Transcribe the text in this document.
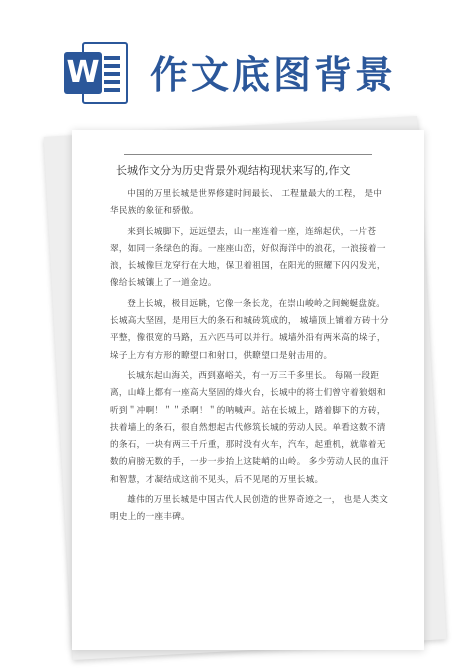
W 作文底图背景
长城作文分为历史背景外观结构现状来写的,作文

中国的万里长城是世界修建时间最长、 工程量最大的工程， 是中华民族的象征和骄傲。

来到长城脚下，远远望去，山一座连着一座，连绵起伏，一片苍翠，如同一条绿色的海。一座座山峦，好似海洋中的浪花，一浪接着一浪，长城像巨龙穿行在大地，保卫着祖国，在阳光的照耀下闪闪发光，像给长城镶上了一道金边。

登上长城，极目远眺，它像一条长龙，在崇山峻岭之间蜿蜒盘旋。长城高大坚固，是用巨大的条石和城砖筑成的， 城墙顶上铺着方砖十分平整，像很宽的马路，五六匹马可以并行。城墙外沿有两米高的垛子，垛子上方有方形的瞭望口和射口，供瞭望口是射击用的。

长城东起山海关，西到嘉峪关，有一万三千多里长。 每隔一段距离，山峰上都有一座高大坚固的烽火台，长城中的将士们曾守着狼烟和听到＂冲啊！＂＂杀啊！＂的呐喊声。站在长城上，踏着脚下的方砖，扶着墙上的条石，很自然想起古代修筑长城的劳动人民。单看这数不清的条石，一块有两三千斤重，那时没有火车，汽车，起重机，就靠着无数的肩膀无数的手，一步一步抬上这陡峭的山岭。 多少劳动人民的血汗和智慧，才凝结成这前不见头，后不见尾的万里长城。

雄伟的万里长城是中国古代人民创造的世界奇迹之一， 也是人类文明史上的一座丰碑。
